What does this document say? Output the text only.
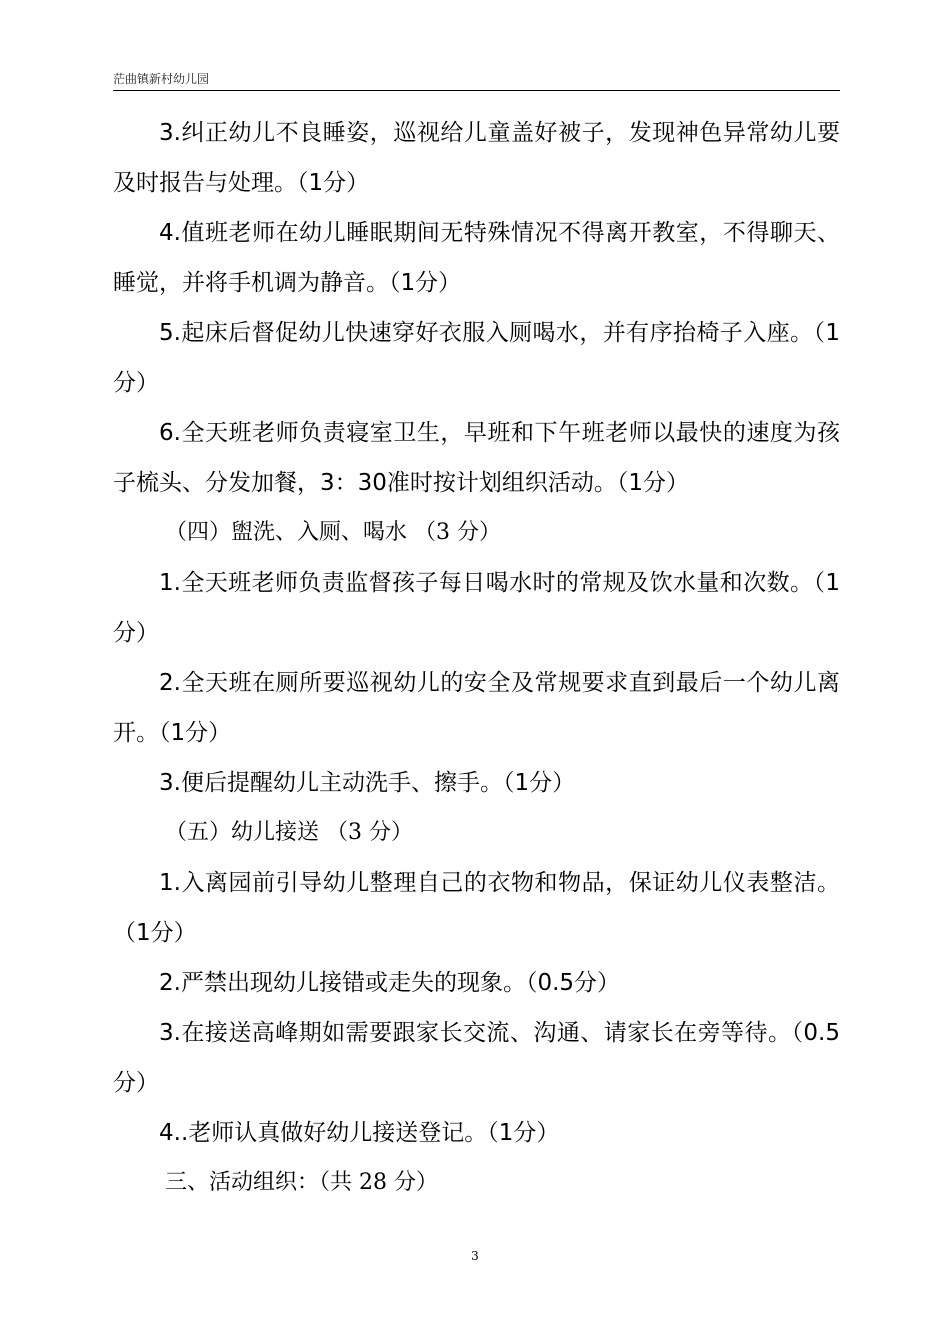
茫曲镇新村幼儿园

3.纠正幼儿不良睡姿，巡视给儿童盖好被子，发现神色异常幼儿要及时报告与处理。（1分）

4.值班老师在幼儿睡眠期间无特殊情况不得离开教室，不得聊天、睡觉，并将手机调为静音。（1分）

5.起床后督促幼儿快速穿好衣服入厕喝水，并有序抬椅子入座。（1分）

6.全天班老师负责寝室卫生，早班和下午班老师以最快的速度为孩子梳头、分发加餐，3：30准时按计划组织活动。（1分）

（四）盥洗、入厕、喝水 （3 分）

1.全天班老师负责监督孩子每日喝水时的常规及饮水量和次数。（1分）

2.全天班在厕所要巡视幼儿的安全及常规要求直到最后一个幼儿离开。（1分）

3.便后提醒幼儿主动洗手、擦手。（1分）

（五）幼儿接送 （3 分）

1.入离园前引导幼儿整理自己的衣物和物品，保证幼儿仪表整洁。（1分）

2.严禁出现幼儿接错或走失的现象。（0.5分）

3.在接送高峰期如需要跟家长交流、沟通、请家长在旁等待。（0.5分）

4..老师认真做好幼儿接送登记。（1分）

三、活动组织：（共 28 分）

3
